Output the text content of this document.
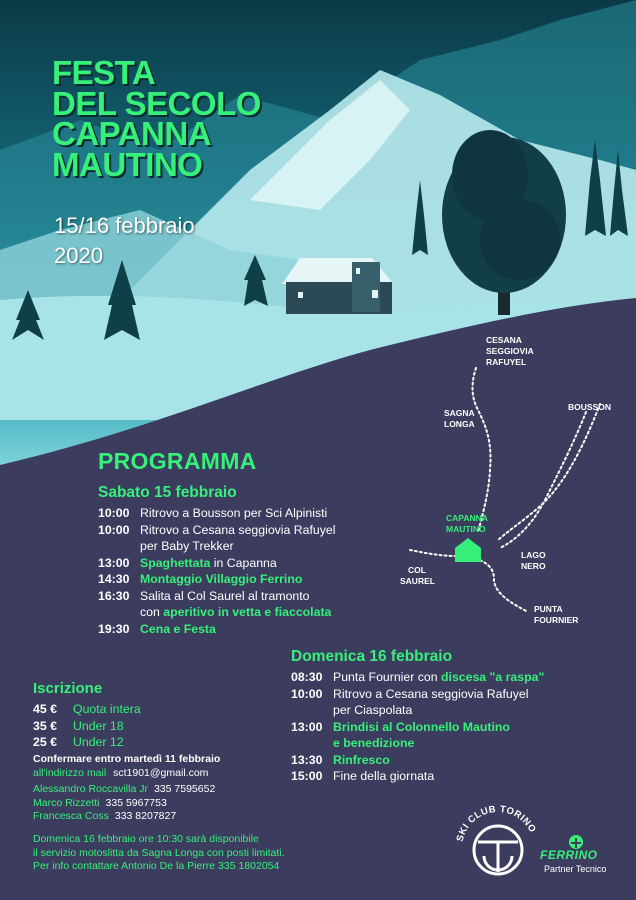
CESANA
SEGGIOVIA
RAFUYEL
SAGNA
LONGA
BOUSSON
CAPANNA
MAUTINO
COL
SAUREL
LAGO
NERO
PUNTA
FOURNIER
FESTA
DEL SECOLO
CAPANNA
MAUTINO
15/16 febbraio
2020
PROGRAMMA
Sabato 15 febbraio
10:00 Ritrovo a Bousson per Sci Alpinisti
10:00 Ritrovo a Cesana seggiovia Rafuyel
per Baby Trekker
13:00 Spaghettata in Capanna
14:30 Montaggio Villaggio Ferrino
16:30 Salita al Col Saurel al tramonto
con aperitivo in vetta e fiaccolata
19:30 Cena e Festa
Domenica 16 febbraio
08:30 Punta Fournier con discesa "a raspa"
10:00 Ritrovo a Cesana seggiovia Rafuyel
per Ciaspolata
13:00 Brindisi al Colonnello Mautino
e benedizione
13:30 Rinfresco
15:00 Fine della giornata
Iscrizione
45 €	Quota intera
35 €	Under 18
25 €	Under 12
Confermare entro martedì 11 febbraio
all'indirizzo mail sct1901@gmail.com
Alessandro Roccavilla Jr 335 7595652
Marco Rizzetti 335 5967753
Francesca Coss 333 8207827
Domenica 16 febbraio ore 10:30 sarà disponibile
il servizio motoslitta da Sagna Longa con posti limitati.
Per info contattare Antonio De la Pierre 335 1802054
SKI CLUB TORINO
FERRINO
Partner Tecnico
